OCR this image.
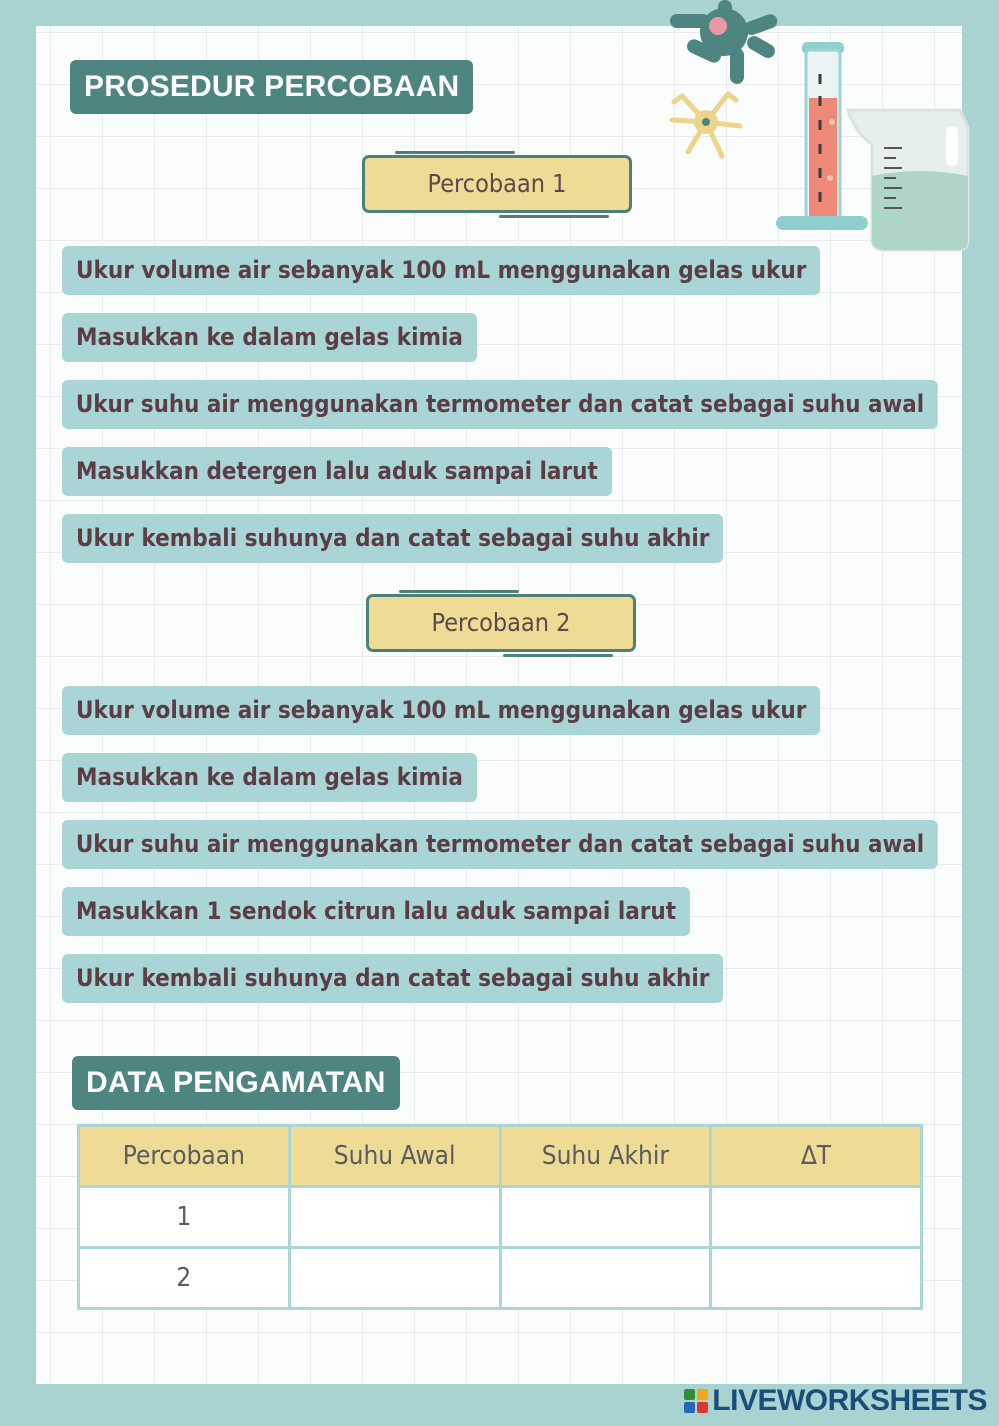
PROSEDUR PERCOBAAN
Percobaan 1
Ukur volume air sebanyak 100 mL menggunakan gelas ukur
Masukkan ke dalam gelas kimia
Ukur suhu air menggunakan termometer dan catat sebagai suhu awal
Masukkan detergen lalu aduk sampai larut
Ukur kembali suhunya dan catat sebagai suhu akhir
Percobaan 2
Ukur volume air sebanyak 100 mL menggunakan gelas ukur
Masukkan ke dalam gelas kimia
Ukur suhu air menggunakan termometer dan catat sebagai suhu awal
Masukkan 1 sendok citrun lalu aduk sampai larut
Ukur kembali suhunya dan catat sebagai suhu akhir
DATA PENGAMATAN
Percobaan	Suhu Awal	Suhu Akhir	∆T
1			
2			
LIVEWORKSHEETS
